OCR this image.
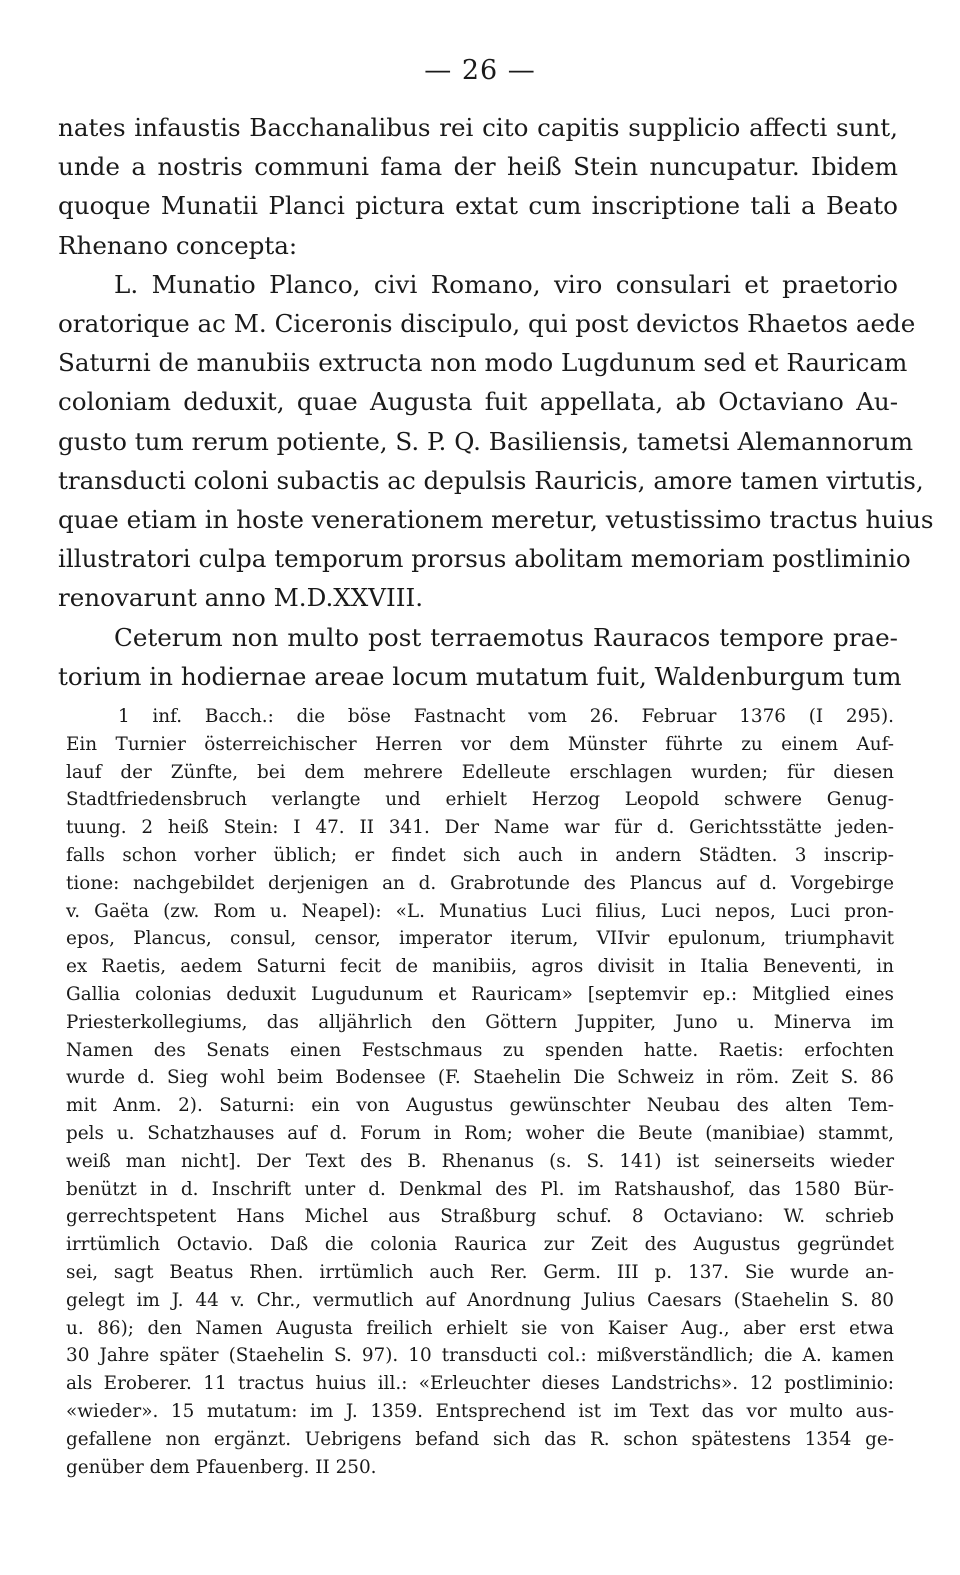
— 26 —
nates infaustis Bacchanalibus rei cito capitis supplicio affecti sunt,
unde a nostris communi fama der heiß Stein nuncupatur. Ibidem
quoque Munatii Planci pictura extat cum inscriptione tali a Beato
Rhenano concepta:
L. Munatio Planco, civi Romano, viro consulari et praetorio
oratorique ac M. Ciceronis discipulo, qui post devictos Rhaetos aede
Saturni de manubiis extructa non modo Lugdunum sed et Rauricam
coloniam deduxit, quae Augusta fuit appellata, ab Octaviano Au-
gusto tum rerum potiente, S. P. Q. Basiliensis, tametsi Alemannorum
transducti coloni subactis ac depulsis Rauricis, amore tamen virtutis,
quae etiam in hoste venerationem meretur, vetustissimo tractus huius
illustratori culpa temporum prorsus abolitam memoriam postliminio
renovarunt anno M.D.XXVIII.
Ceterum non multo post terraemotus Rauracos tempore prae-
torium in hodiernae areae locum mutatum fuit, Waldenburgum tum
1 inf. Bacch.: die böse Fastnacht vom 26. Februar 1376 (I 295).
Ein Turnier österreichischer Herren vor dem Münster führte zu einem Auf-
lauf der Zünfte, bei dem mehrere Edelleute erschlagen wurden; für diesen
Stadtfriedensbruch verlangte und erhielt Herzog Leopold schwere Genug-
tuung. 2 heiß Stein: I 47. II 341. Der Name war für d. Gerichtsstätte jeden-
falls schon vorher üblich; er findet sich auch in andern Städten. 3 inscrip-
tione: nachgebildet derjenigen an d. Grabrotunde des Plancus auf d. Vorgebirge
v. Gaëta (zw. Rom u. Neapel): «L. Munatius Luci filius, Luci nepos, Luci pron-
epos, Plancus, consul, censor, imperator iterum, VIIvir epulonum, triumphavit
ex Raetis, aedem Saturni fecit de manibiis, agros divisit in Italia Beneventi, in
Gallia colonias deduxit Lugudunum et Rauricam» [septemvir ep.: Mitglied eines
Priesterkollegiums, das alljährlich den Göttern Juppiter, Juno u. Minerva im
Namen des Senats einen Festschmaus zu spenden hatte. Raetis: erfochten
wurde d. Sieg wohl beim Bodensee (F. Staehelin Die Schweiz in röm. Zeit S. 86
mit Anm. 2). Saturni: ein von Augustus gewünschter Neubau des alten Tem-
pels u. Schatzhauses auf d. Forum in Rom; woher die Beute (manibiae) stammt,
weiß man nicht]. Der Text des B. Rhenanus (s. S. 141) ist seinerseits wieder
benützt in d. Inschrift unter d. Denkmal des Pl. im Ratshaushof, das 1580 Bür-
gerrechtspetent Hans Michel aus Straßburg schuf. 8 Octaviano: W. schrieb
irrtümlich Octavio. Daß die colonia Raurica zur Zeit des Augustus gegründet
sei, sagt Beatus Rhen. irrtümlich auch Rer. Germ. III p. 137. Sie wurde an-
gelegt im J. 44 v. Chr., vermutlich auf Anordnung Julius Caesars (Staehelin S. 80
u. 86); den Namen Augusta freilich erhielt sie von Kaiser Aug., aber erst etwa
30 Jahre später (Staehelin S. 97). 10 transducti col.: mißverständlich; die A. kamen
als Eroberer. 11 tractus huius ill.: «Erleuchter dieses Landstrichs». 12 postliminio:
«wieder». 15 mutatum: im J. 1359. Entsprechend ist im Text das vor multo aus-
gefallene non ergänzt. Uebrigens befand sich das R. schon spätestens 1354 ge-
genüber dem Pfauenberg. II 250.
